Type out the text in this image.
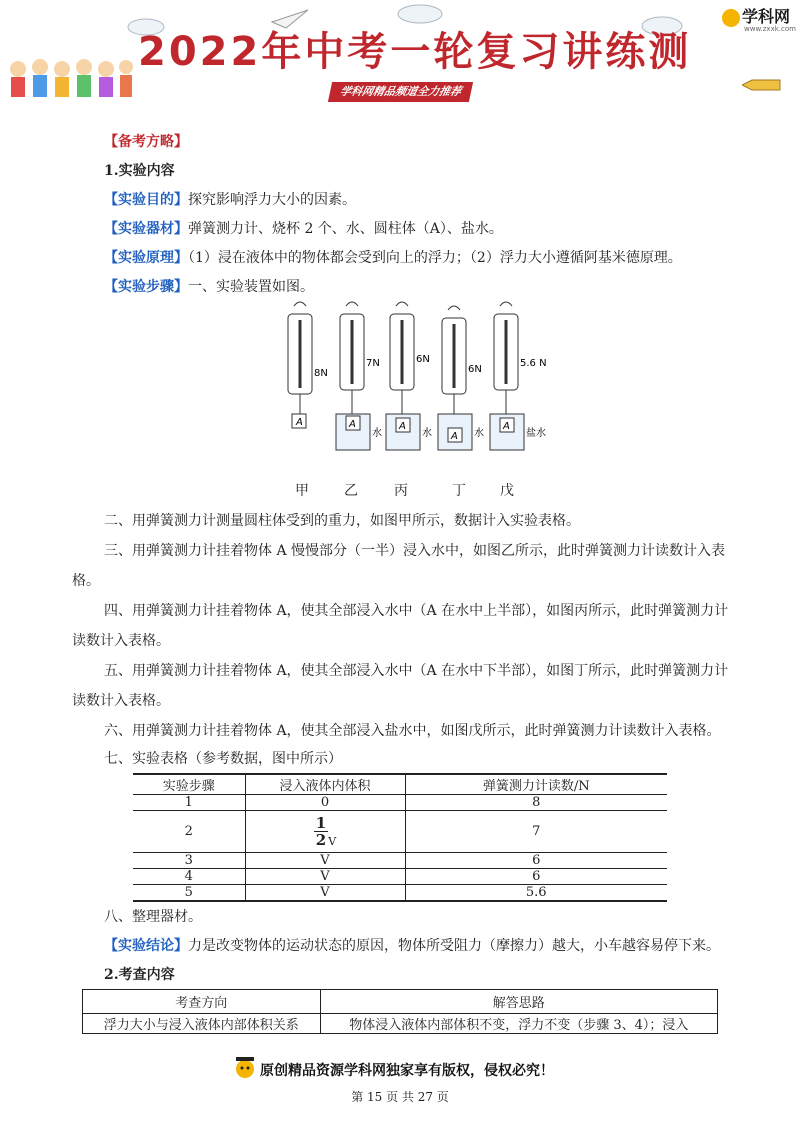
2022年中考一轮复习讲练测
学科网精品频道全力推荐
学科网
www.zxxk.com
【备考方略】
1.实验内容
【实验目的】探究影响浮力大小的因素。
【实验器材】弹簧测力计、烧杯 2 个、水、圆柱体（A）、盐水。
【实验原理】（1）浸在液体中的物体都会受到向上的浮力；（2）浮力大小遵循阿基米德原理。
【实验步骤】一、实验装置如图。
A
8N
A
7N
水
A
6N
水 A
6N
水
A
5.6 N
盐水
甲	乙	丙	丁 戊
二、用弹簧测力计测量圆柱体受到的重力，如图甲所示，数据计入实验表格。
三、用弹簧测力计挂着物体 A 慢慢部分（一半）浸入水中，如图乙所示，此时弹簧测力计读数计入表
格。
四、用弹簧测力计挂着物体 A，使其全部浸入水中（A 在水中上半部），如图丙所示，此时弹簧测力计
读数计入表格。
五、用弹簧测力计挂着物体 A，使其全部浸入水中（A 在水中下半部），如图丁所示，此时弹簧测力计
读数计入表格。
六、用弹簧测力计挂着物体 A，使其全部浸入盐水中，如图戊所示，此时弹簧测力计读数计入表格。
七、实验表格（参考数据，图中所示）
实验步骤	浸入液体内体积	弹簧测力计读数/N
1	0	8
2	$\frac{1}{2} _V$	7
3	V	6
4	V	6
5	V	5.6
八、整理器材。
【实验结论】力是改变物体的运动状态的原因，物体所受阻力（摩擦力）越大，小车越容易停下来。
2.考查内容
考查方向	解答思路
浮力大小与浸入液体内部体积关系	物体浸入液体内部体积不变，浮力不变（步骤 3、4）；浸入
原创精品资源学科网独家享有版权，侵权必究！
第 15 页 共 27 页
